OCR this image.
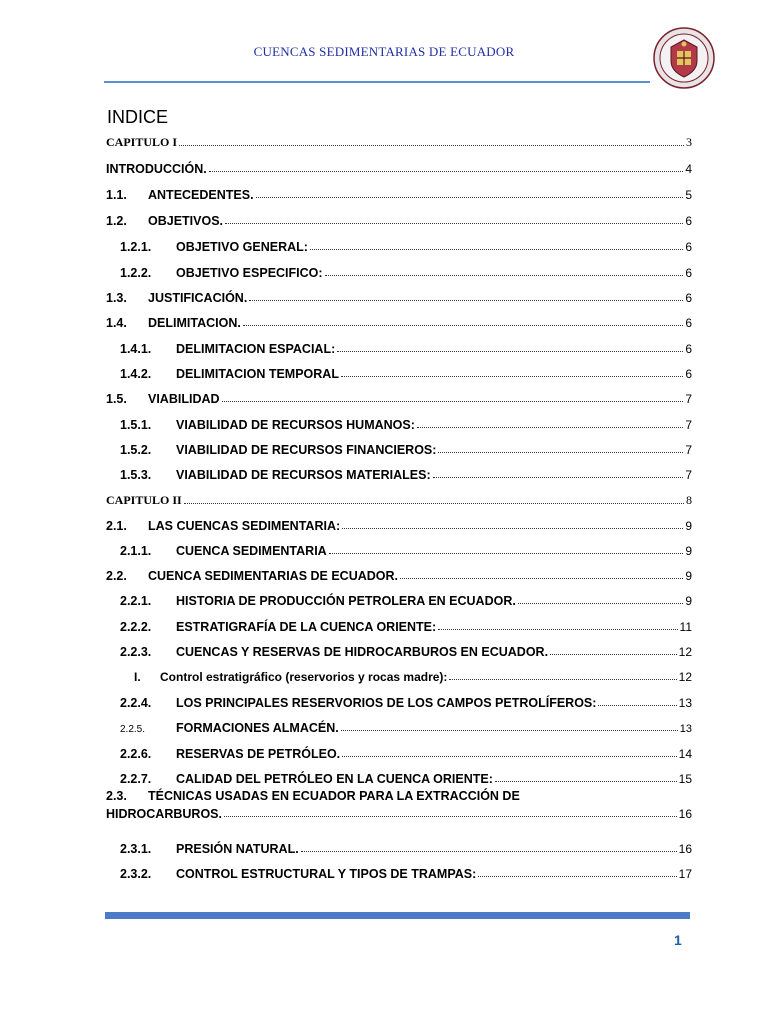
CUENCAS SEDIMENTARIAS DE ECUADOR
INDICE
CAPITULO I	3
INTRODUCCIÓN.	4
1.1.	ANTECEDENTES.	5
1.2.	OBJETIVOS.	6
1.2.1.	OBJETIVO GENERAL:	6
1.2.2.	OBJETIVO ESPECIFICO:	6
1.3.	JUSTIFICACIÓN.	6
1.4.	DELIMITACION.	6
1.4.1.	DELIMITACION ESPACIAL:	6
1.4.2.	DELIMITACION TEMPORAL	6
1.5.	VIABILIDAD	7
1.5.1.	VIABILIDAD DE RECURSOS HUMANOS:	7
1.5.2.	VIABILIDAD DE RECURSOS FINANCIEROS:	7
1.5.3.	VIABILIDAD DE RECURSOS MATERIALES:	7
CAPITULO II	8
2.1.	LAS CUENCAS SEDIMENTARIA:	9
2.1.1.	CUENCA SEDIMENTARIA	9
2.2.	CUENCA SEDIMENTARIAS DE ECUADOR.	9
2.2.1.	HISTORIA DE PRODUCCIÓN PETROLERA EN ECUADOR.	9
2.2.2.	ESTRATIGRAFÍA DE LA CUENCA ORIENTE:	11
2.2.3.	CUENCAS Y RESERVAS DE HIDROCARBUROS EN ECUADOR.	12
I.	Control estratigráfico (reservorios y rocas madre):	12
2.2.4.	LOS PRINCIPALES RESERVORIOS DE LOS CAMPOS PETROLÍFEROS:	13
2.2.5.	FORMACIONES ALMACÉN.	13
2.2.6.	RESERVAS DE PETRÓLEO.	14
2.2.7.	CALIDAD DEL PETRÓLEO EN LA CUENCA ORIENTE:	15
2.3.	TÉCNICAS USADAS EN ECUADOR PARA LA EXTRACCIÓN DE
HIDROCARBUROS.	16
2.3.1.	PRESIÓN NATURAL.	16
2.3.2.	CONTROL ESTRUCTURAL Y TIPOS DE TRAMPAS:	17
1
